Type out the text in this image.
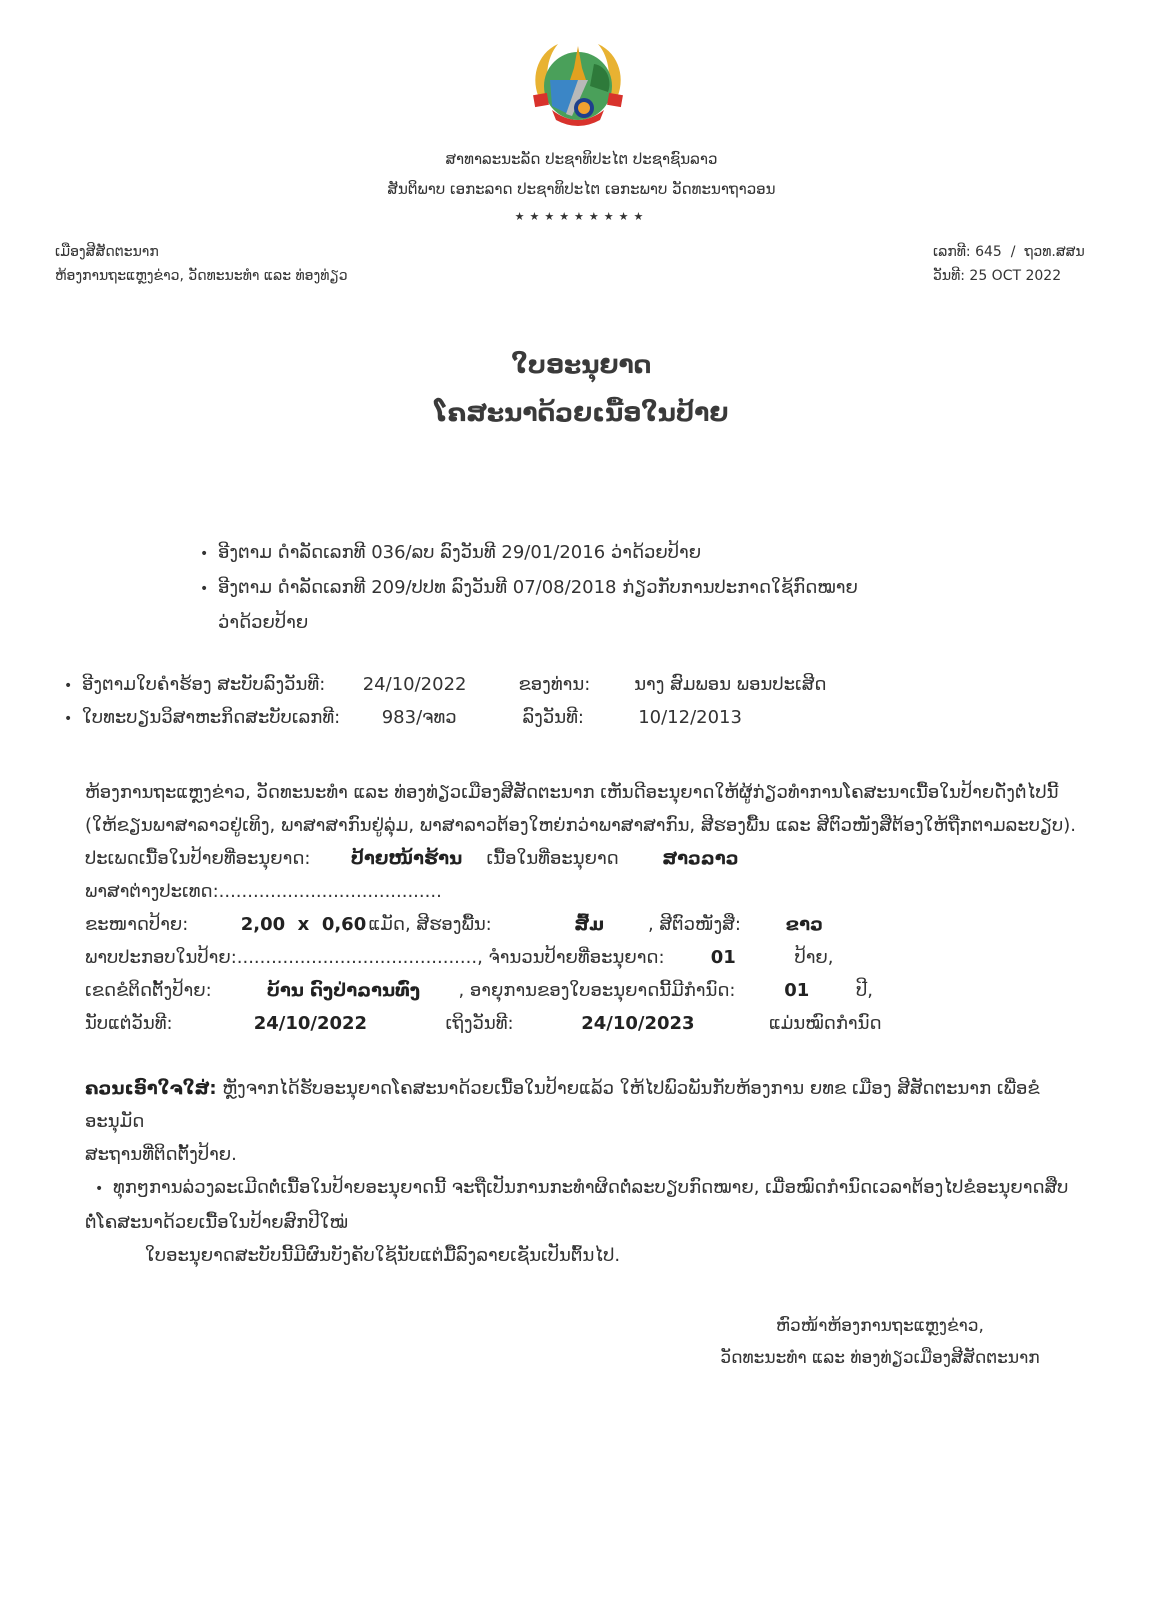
ສາທາລະນະລັດ ປະຊາທິປະໄຕ ປະຊາຊົນລາວ
ສັນຕິພາບ ເອກະລາດ ປະຊາທິປະໄຕ ເອກະພາບ ວັດທະນາຖາວອນ
★★★★★★★★★
ເມືອງສີສັດຕະນາກ
ຫ້ອງການຖະແຫຼງຂ່າວ, ວັດທະນະທຳ ແລະ ທ່ອງທ່ຽວ
ເລກທີ: 645  /  ຖວທ.ສສນ
ວັນທີ: 25 OCT 2022
ໃບອະນຸຍາດ
ໂຄສະນາດ້ວຍເນື້ອໃນປ້າຍ
• ອີງຕາມ ດຳລັດເລກທີ 036/ລບ ລົງວັນທີ 29/01/2016 ວ່າດ້ວຍປ້າຍ
• ອີງຕາມ ດຳລັດເລກທີ 209/ປປທ ລົງວັນທີ 07/08/2018 ກ່ຽວກັບການປະກາດໃຊ້ກົດໝາຍ
ວ່າດ້ວຍປ້າຍ
• ອີງຕາມໃບຄຳຮ້ອງ ສະບັບລົງວັນທີ: 24/10/2022	ຂອງທ່ານ: ນາງ ສົມພອນ ພອນປະເສີດ
• ໃບທະບຽນວິສາຫະກິດສະບັບເລກທີ: 983/ຈທວ	ລົງວັນທີ:	10/12/2013
ຫ້ອງການຖະແຫຼງຂ່າວ, ວັດທະນະທຳ ແລະ ທ່ອງທ່ຽວເມືອງສີສັດຕະນາກ ເຫັນດີອະນຸຍາດໃຫ້ຜູ້ກ່ຽວທຳການໂຄສະນາເນື້ອໃນປ້າຍດັ່ງຕໍ່ໄປນີ້
(ໃຫ້ຂຽນພາສາລາວຢູ່ເທິງ, ພາສາສາກົນຢູ່ລຸ່ມ, ພາສາລາວຕ້ອງໃຫຍ່ກວ່າພາສາສາກົນ, ສີຮອງພື້ນ ແລະ ສີຕົວໜັງສືຕ້ອງໃຫ້ຖືກຕາມລະບຽບ).
ປະເພດເນື້ອໃນປ້າຍທີ່ອະນຸຍາດ: ປ້າຍໜ້າຮ້ານ ເນື້ອໃນທີ່ອະນຸຍາດ ສາວລາວ
ພາສາຕ່າງປະເທດ:.......................................
ຂະໜາດປ້າຍ:	2,00  x  0,60 ແມັດ, ສີຮອງພື້ນ:	ສົ້ມ , ສີຕົວໜັງສື: ຂາວ
ພາບປະກອບໃນປ້າຍ:.........................................., ຈຳນວນປ້າຍທີ່ອະນຸຍາດ:	01	ປ້າຍ,
ເຂດຂໍຕິດຕັ້ງປ້າຍ:	ບ້ານ ດົງປ່າລານທົ່ງ , ອາຍຸການຂອງໃບອະນຸຍາດນີ້ມີກຳນົດ:	01	ປີ,
ນັບແຕ່ວັນທີ:	24/10/2022	ເຖິງວັນທີ:	24/10/2023	ແມ່ນໝົດກຳນົດ
ຄວນເອົາໃຈໃສ່: ຫຼັງຈາກໄດ້ຮັບອະນຸຍາດໂຄສະນາດ້ວຍເນື້ອໃນປ້າຍແລ້ວ ໃຫ້ໄປພົວພັນກັບຫ້ອງການ ຍທຂ ເມືອງ ສີສັດຕະນາກ ເພື່ອຂໍອະນຸມັດ
ສະຖານທີ່ຕິດຕັ້ງປ້າຍ.
• ທຸກໆການລ່ວງລະເມີດຕໍ່ເນື້ອໃນປ້າຍອະນຸຍາດນີ້ ຈະຖືເປັນການກະທຳຜິດຕໍ່ລະບຽບກົດໝາຍ, ເມື່ອໝົດກຳນົດເວລາຕ້ອງໄປຂໍອະນຸຍາດສືບ
ຕໍ່ໂຄສະນາດ້ວຍເນື້ອໃນປ້າຍສົກປີໃໝ່
ໃບອະນຸຍາດສະບັບນີ້ມີຜົນບັງຄັບໃຊ້ນັບແຕ່ມື້ລົງລາຍເຊັນເປັນຕົ້ນໄປ.
ຫົວໜ້າຫ້ອງການຖະແຫຼງຂ່າວ,
ວັດທະນະທຳ ແລະ ທ່ອງທ່ຽວເມືອງສີສັດຕະນາກ
